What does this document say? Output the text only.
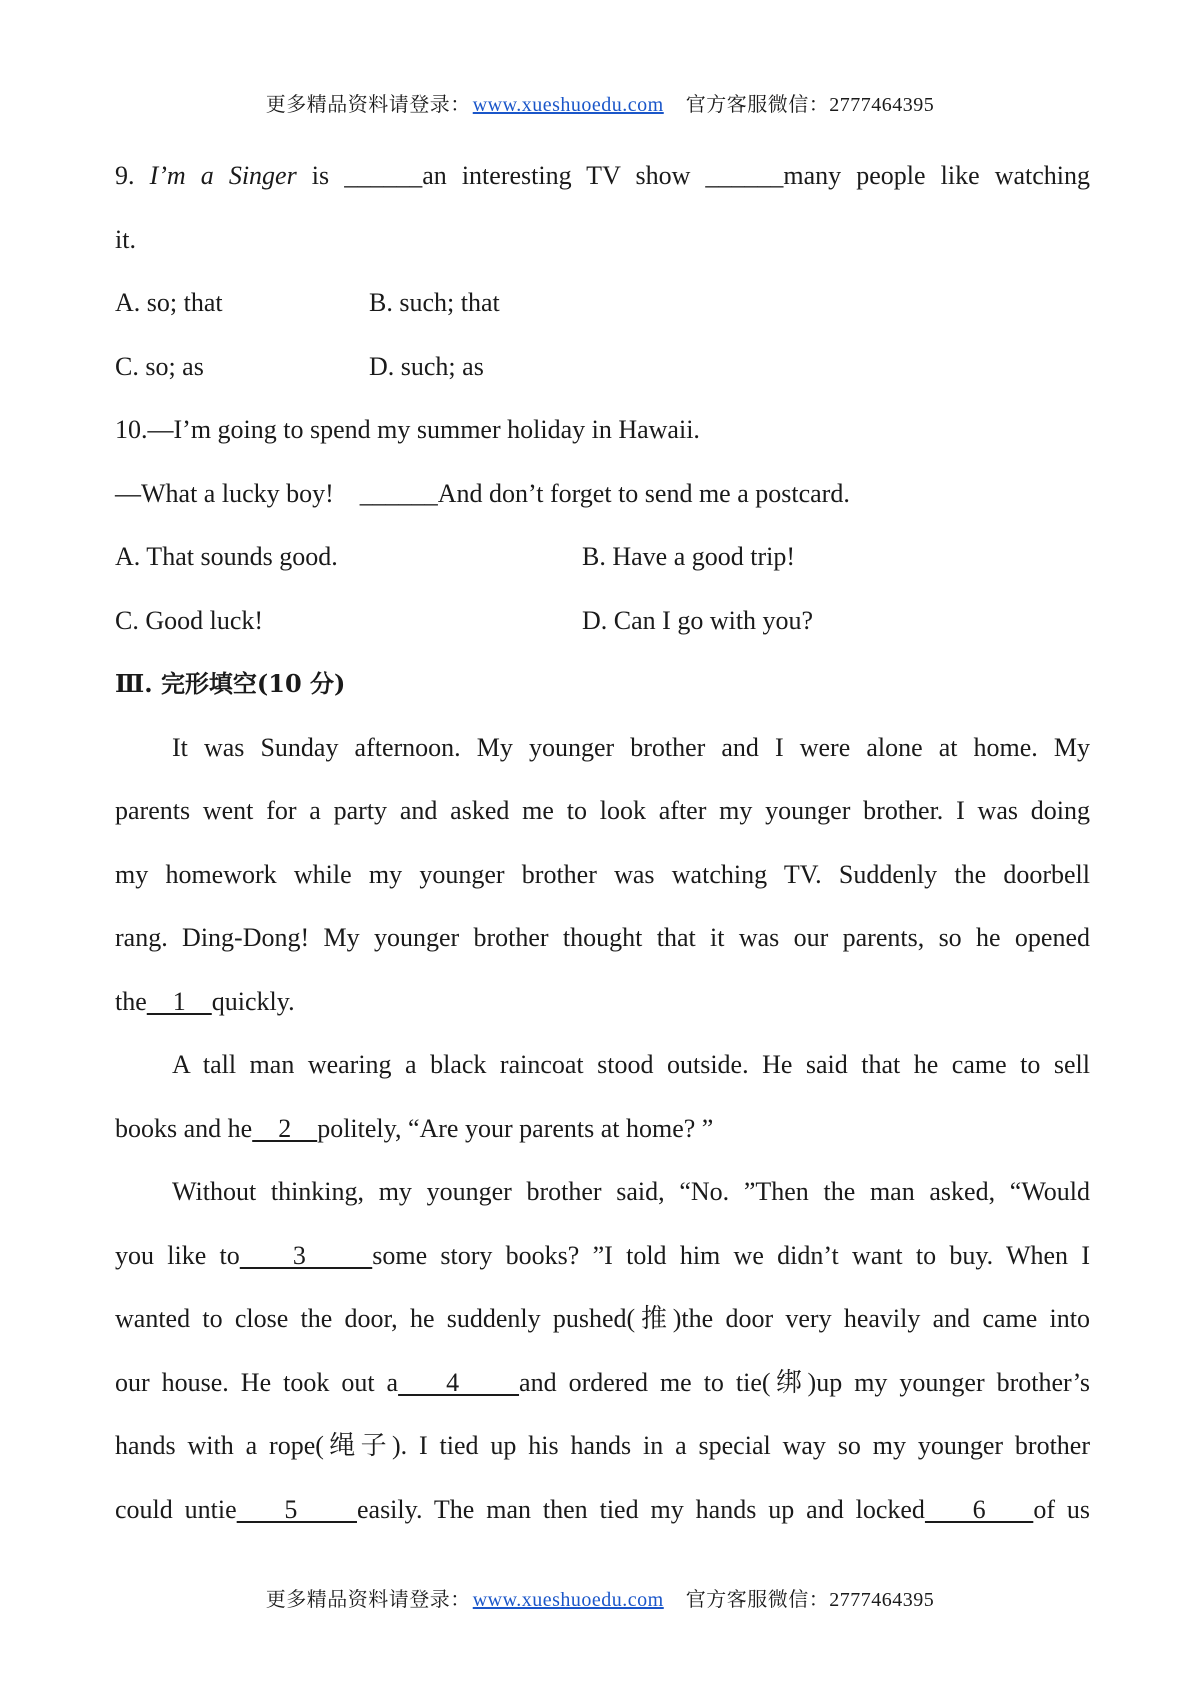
更多精品资料请登录： www.xueshuoedu.com 官方客服微信：2777464395
9. I’m a Singer is ______an interesting TV show ______many people like watching
it.
A. so; that	B. such; that
C. so; as	D. such; as
10.—I’m going to spend my summer holiday in Hawaii.
—What a lucky boy!    ______And don’t forget to send me a postcard.
A. That sounds good.	B. Have a good trip!
C. Good luck!	D. Can I go with you?
Ⅲ. 完形填空(10 分)
It was Sunday afternoon. My younger brother and I were alone at home. My
parents went for a party and asked me to look after my younger brother. I was doing
my homework while my younger brother was watching TV. Suddenly the doorbell
rang. Ding-Dong! My younger brother thought that it was our parents, so he opened
the    1    quickly.
A tall man wearing a black raincoat stood outside. He said that he came to sell
books and he    2    politely, “Are your parents at home? ”
Without thinking, my younger brother said, “No. ”Then the man asked, “Would
you like to    3     some story books? ”I told him we didn’t want to buy. When I
wanted to close the door, he suddenly pushed(推)the door very heavily and came into
our house. He took out a    4     and ordered me to tie(绑)up my younger brother’s
hands with a rope(绳子). I tied up his hands in a special way so my younger brother
could untie    5     easily. The man then tied my hands up and locked    6    of us
更多精品资料请登录： www.xueshuoedu.com 官方客服微信：2777464395
